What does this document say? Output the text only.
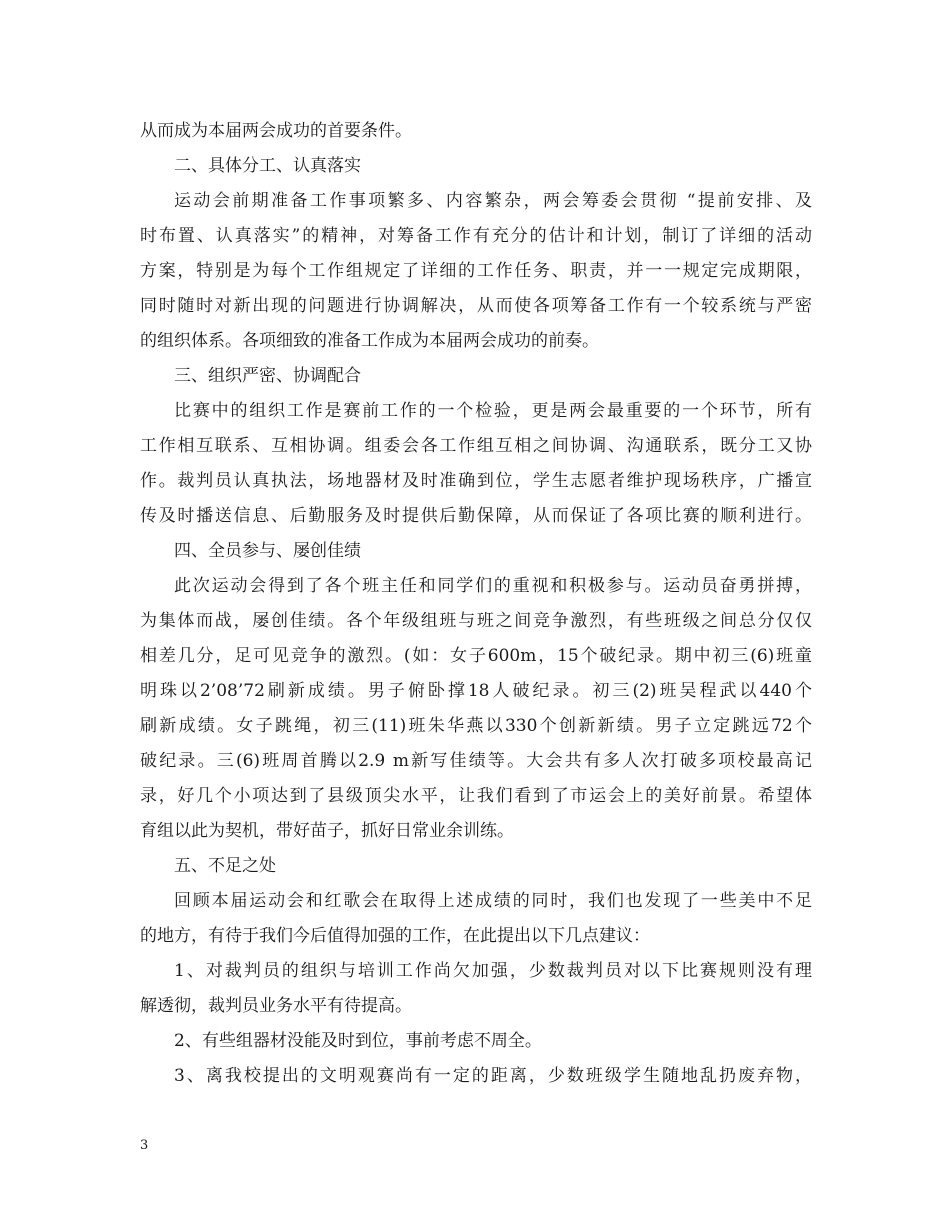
从而成为本届两会成功的首要条件。
二、具体分工、认真落实
运动会前期准备工作事项繁多、内容繁杂，两会筹委会贯彻 “提前安排、及
时布置、认真落实”的精神，对筹备工作有充分的估计和计划，制订了详细的活动
方案，特别是为每个工作组规定了详细的工作任务、职责，并一一规定完成期限，
同时随时对新出现的问题进行协调解决，从而使各项筹备工作有一个较系统与严密
的组织体系。各项细致的准备工作成为本届两会成功的前奏。
三、组织严密、协调配合
比赛中的组织工作是赛前工作的一个检验，更是两会最重要的一个环节，所有
工作相互联系、互相协调。组委会各工作组互相之间协调、沟通联系，既分工又协
作。裁判员认真执法，场地器材及时准确到位，学生志愿者维护现场秩序，广播宣
传及时播送信息、后勤服务及时提供后勤保障，从而保证了各项比赛的顺利进行。
四、全员参与、屡创佳绩
此次运动会得到了各个班主任和同学们的重视和积极参与。运动员奋勇拼搏，
为集体而战，屡创佳绩。各个年级组班与班之间竞争激烈，有些班级之间总分仅仅
相差几分，足可见竞争的激烈。(如：女子600m，15个破纪录。期中初三(6)班童
明珠以2’08’72刷新成绩。男子俯卧撑18人破纪录。初三(2)班吴程武以440个
刷新成绩。女子跳绳，初三(11)班朱华燕以330个创新新绩。男子立定跳远72个
破纪录。三(6)班周首腾以2.9 m新写佳绩等。大会共有多人次打破多项校最高记
录，好几个小项达到了县级顶尖水平，让我们看到了市运会上的美好前景。希望体
育组以此为契机，带好苗子，抓好日常业余训练。
五、不足之处
回顾本届运动会和红歌会在取得上述成绩的同时，我们也发现了一些美中不足
的地方，有待于我们今后值得加强的工作，在此提出以下几点建议：
1、对裁判员的组织与培训工作尚欠加强，少数裁判员对以下比赛规则没有理
解透彻，裁判员业务水平有待提高。
2、有些组器材没能及时到位，事前考虑不周全。
3、离我校提出的文明观赛尚有一定的距离，少数班级学生随地乱扔废弃物，
3
